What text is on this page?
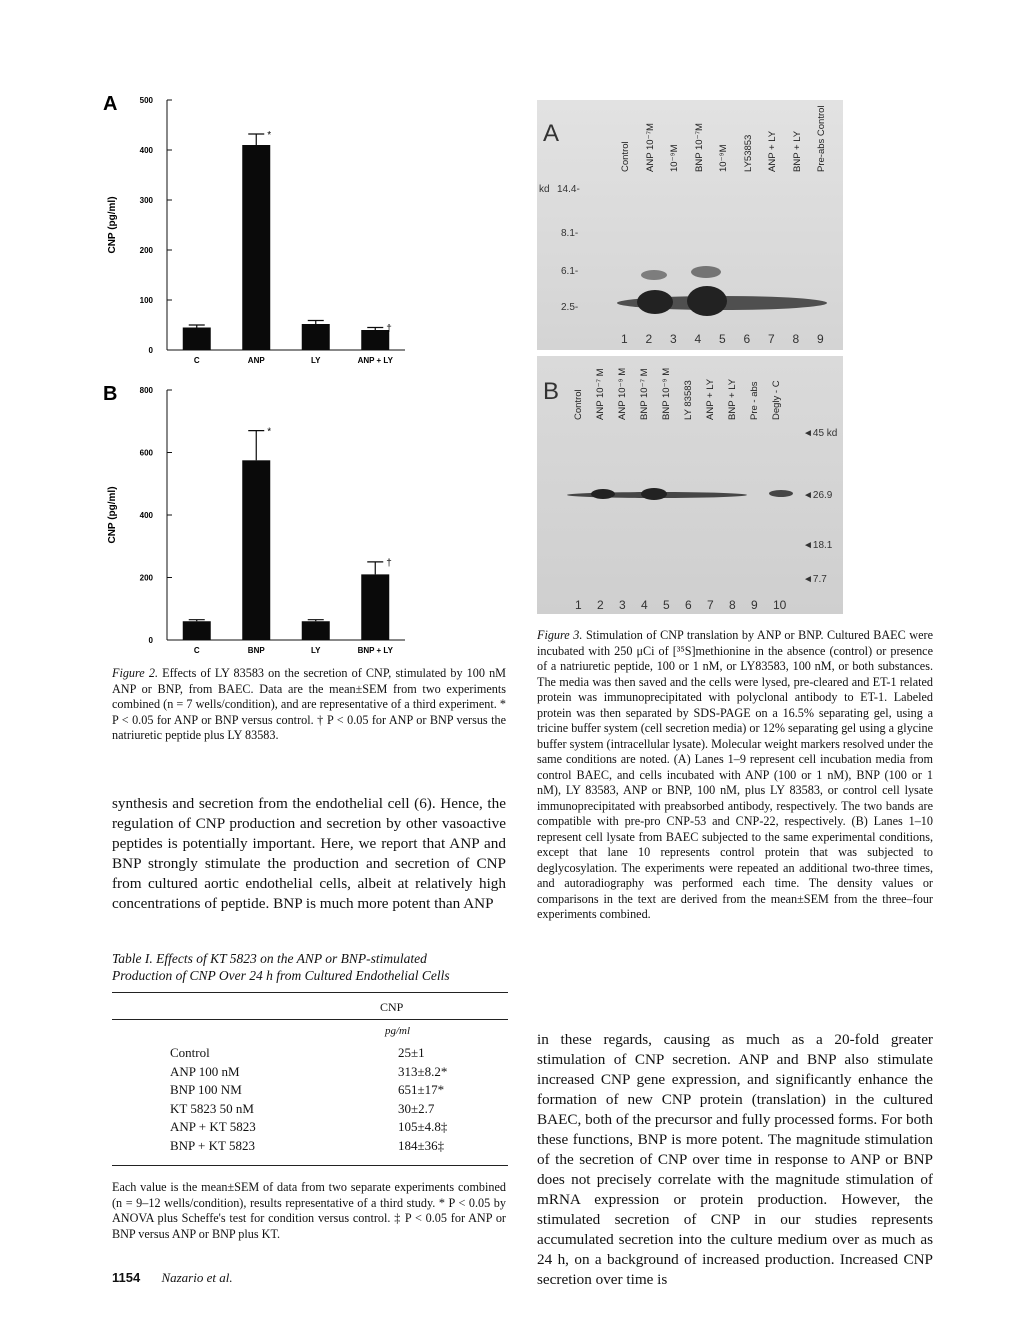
A
CNP (pg/ml)
0
100
200
300
400
500
C
*
ANP	LY
†
ANP + LY
B
CNP (pg/ml)
0
200
400
600
800
C
*
BNP	LY
†
BNP + LY
Figure 2. Effects of LY 83583 on the secretion of CNP, stimulated by 100 nM ANP or BNP, from BAEC. Data are the mean±SEM from two experiments combined (n = 7 wells/condition), and are representative of a third experiment. * P < 0.05 for ANP or BNP versus control. † P < 0.05 for ANP or BNP versus the natriuretic peptide plus LY 83583.
synthesis and secretion from the endothelial cell (6). Hence, the regulation of CNP production and secretion by other vasoactive peptides is potentially important. Here, we report that ANP and BNP strongly stimulate the production and secretion of CNP from cultured aortic endothelial cells, albeit at relatively high concentrations of peptide. BNP is much more potent than ANP
Table I. Effects of KT 5823 on the ANP or BNP-stimulated
Production of CNP Over 24 h from Cultured Endothelial Cells
CNP
pg/ml
Control	25±1
ANP 100 nM	313±8.2*
BNP 100 NM	651±17*
KT 5823 50 nM	30±2.7
ANP + KT 5823	105±4.8‡
BNP + KT 5823	184±36‡
Each value is the mean±SEM of data from two separate experiments combined (n = 9–12 wells/condition), results representative of a third study. * P < 0.05 by ANOVA plus Scheffe's test for condition versus control. ‡ P < 0.05 for ANP or BNP versus ANP or BNP plus KT.
1154 Nazario et al.
A
Control ANP 10⁻⁷M 10⁻⁹M BNP 10⁻⁷M 10⁻⁹M LY53853 ANP + LY BNP + LY Pre-abs Control
kd 14.4-
8.1-
6.1-
2.5-
1 2 3 4 5 6 7 8 9
B Control ANP 10⁻⁷ M ANP 10⁻⁹ M BNP 10⁻⁷ M BNP 10⁻⁹ M LY 83583 ANP + LY BNP + LY Pre - abs Degly - C
◄45 kd
◄26.9
◄18.1
◄7.7
1 2 3 4 5 6 7 8 9 10
Figure 3. Stimulation of CNP translation by ANP or BNP. Cultured BAEC were incubated with 250 μCi of [³⁵S]methionine in the absence (control) or presence of a natriuretic peptide, 100 or 1 nM, or LY83583, 100 nM, or both substances. The media was then saved and the cells were lysed, pre-cleared and ET-1 related protein was immunoprecipitated with polyclonal antibody to ET-1. Labeled protein was then separated by SDS-PAGE on a 16.5% separating gel, using a tricine buffer system (cell secretion media) or 12% separating gel using a glycine buffer system (intracellular lysate). Molecular weight markers resolved under the same conditions are noted. (A) Lanes 1–9 represent cell incubation media from control BAEC, and cells incubated with ANP (100 or 1 nM), BNP (100 or 1 nM), LY 83583, ANP or BNP, 100 nM, plus LY 83583, or control cell lysate immunoprecipitated with preabsorbed antibody, respectively. The two bands are compatible with pre-pro CNP-53 and CNP-22, respectively. (B) Lanes 1–10 represent cell lysate from BAEC subjected to the same experimental conditions, except that lane 10 represents control protein that was subjected to deglycosylation. The experiments were repeated an additional two-three times, and autoradiography was performed each time. The density values or comparisons in the text are derived from the mean±SEM from the three–four experiments combined.
in these regards, causing as much as a 20-fold greater stimulation of CNP secretion. ANP and BNP also stimulate increased CNP gene expression, and significantly enhance the formation of new CNP protein (translation) in the cultured BAEC, both of the precursor and fully processed forms. For both these functions, BNP is more potent. The magnitude stimulation of the secretion of CNP over time in response to ANP or BNP does not precisely correlate with the magnitude stimulation of mRNA expression or protein production. However, the stimulated secretion of CNP in our studies represents accumulated secretion into the culture medium over as much as 24 h, on a background of increased production. Increased CNP secretion over time is
